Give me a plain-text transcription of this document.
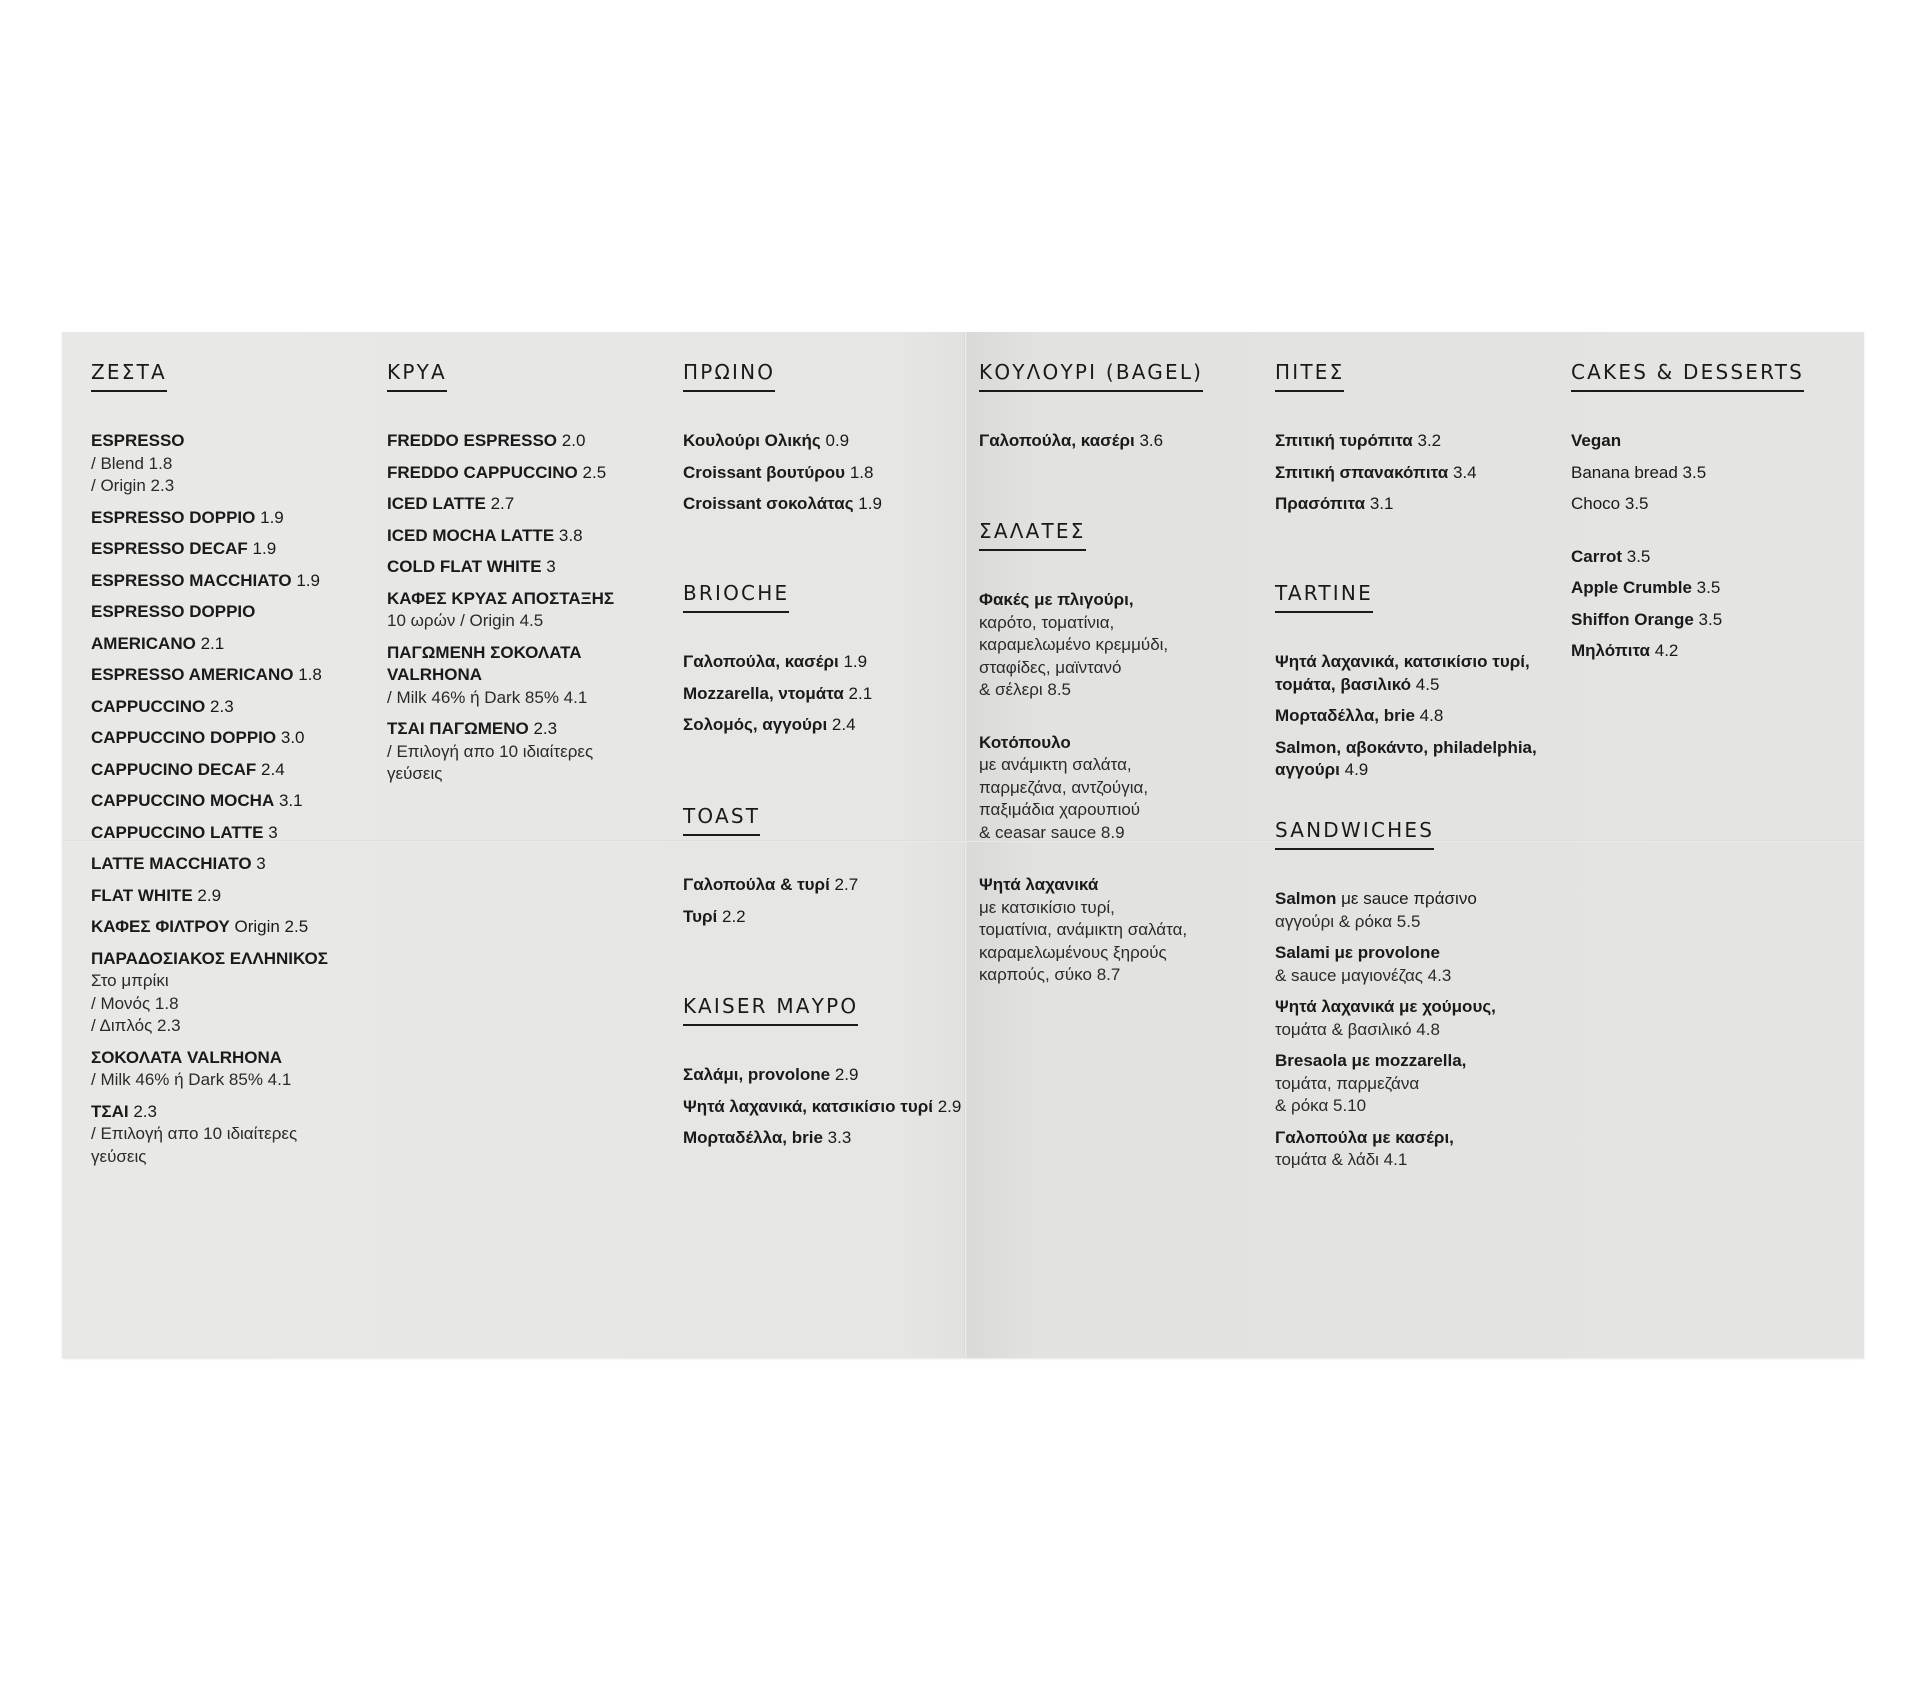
ΖΕΣΤΑ
ESPRESSO
/ Blend 1.8
/ Origin 2.3
ESPRESSO DOPPIO 1.9
ESPRESSO DECAF 1.9
ESPRESSO MACCHIATO 1.9
ESPRESSO DOPPIO
AMERICANO 2.1
ESPRESSO AMERICANO 1.8
CAPPUCCINO 2.3
CAPPUCCINO DOPPIO 3.0
CAPPUCINO DECAF 2.4
CAPPUCCINO MOCHA 3.1
CAPPUCCINO LATTE 3
LATTE MACCHIATO 3
FLAT WHITE 2.9
ΚΑΦΕΣ ΦΙΛΤΡΟΥ Origin 2.5
ΠΑΡΑΔΟΣΙΑΚΟΣ ΕΛΛΗΝΙΚΟΣ
Στο μπρίκι
/ Μονός 1.8
/ Διπλός 2.3
ΣΟΚΟΛΑΤΑ VALRHONA
/ Milk 46% ή Dark 85% 4.1
ΤΣΑΙ 2.3
/ Επιλογή απο 10 ιδιαίτερες
γεύσεις
ΚΡΥΑ
FREDDO ESPRESSO 2.0
FREDDO CAPPUCCINO 2.5
ICED LATTE 2.7
ICED MOCHA LATTE 3.8
COLD FLAT WHITE 3
ΚΑΦΕΣ ΚΡΥΑΣ ΑΠΟΣΤΑΞΗΣ
10 ωρών / Origin 4.5
ΠΑΓΩΜΕΝΗ ΣΟΚΟΛΑΤΑ VALRHONA
/ Milk 46% ή Dark 85% 4.1
ΤΣΑΙ ΠΑΓΩΜΕΝΟ 2.3
/ Επιλογή απο 10 ιδιαίτερες
γεύσεις
ΠΡΩΙΝΟ
Κουλούρι Ολικής 0.9
Croissant βουτύρου 1.8
Croissant σοκολάτας 1.9
BRIOCHE
Γαλοπούλα, κασέρι 1.9
Mozzarella, ντομάτα 2.1
Σολομός, αγγούρι 2.4
TOAST
Γαλοπούλα & τυρί 2.7
Τυρί 2.2
KAISER ΜΑΥΡΟ
Σαλάμι, provolone 2.9
Ψητά λαχανικά, κατσικίσιο τυρί 2.9
Μορταδέλλα, brie 3.3
ΚΟΥΛΟΥΡΙ (BAGEL)
Γαλοπούλα, κασέρι 3.6
ΣΑΛΑΤΕΣ
Φακές με πλιγούρι,
καρότο, τοματίνια,
καραμελωμένο κρεμμύδι,
σταφίδες, μαϊντανό
& σέλερι 8.5
Κοτόπουλο
με ανάμικτη σαλάτα,
παρμεζάνα, αντζούγια,
παξιμάδια χαρουπιού
& ceasar sauce 8.9
Ψητά λαχανικά
με κατσικίσιο τυρί,
τοματίνια, ανάμικτη σαλάτα,
καραμελωμένους ξηρούς
καρπούς, σύκο 8.7
ΠΙΤΕΣ
Σπιτική τυρόπιτα 3.2
Σπιτική σπανακόπιτα 3.4
Πρασόπιτα 3.1
TARTINE
Ψητά λαχανικά, κατσικίσιο τυρί, τομάτα, βασιλικό 4.5
Μορταδέλλα, brie 4.8
Salmon, αβοκάντο, philadelphia, αγγούρι 4.9
SANDWICHES
Salmon με sauce πράσινο
αγγούρι & ρόκα 5.5
Salami με provolone
& sauce μαγιονέζας 4.3
Ψητά λαχανικά με χούμους,
τομάτα & βασιλικό 4.8
Bresaola με mozzarella,
τομάτα, παρμεζάνα
& ρόκα 5.10
Γαλοπούλα με κασέρι,
τομάτα & λάδι 4.1
CAKES & DESSERTS
Vegan
Banana bread 3.5
Choco 3.5
Carrot 3.5
Apple Crumble 3.5
Shiffon Orange 3.5
Μηλόπιτα 4.2
